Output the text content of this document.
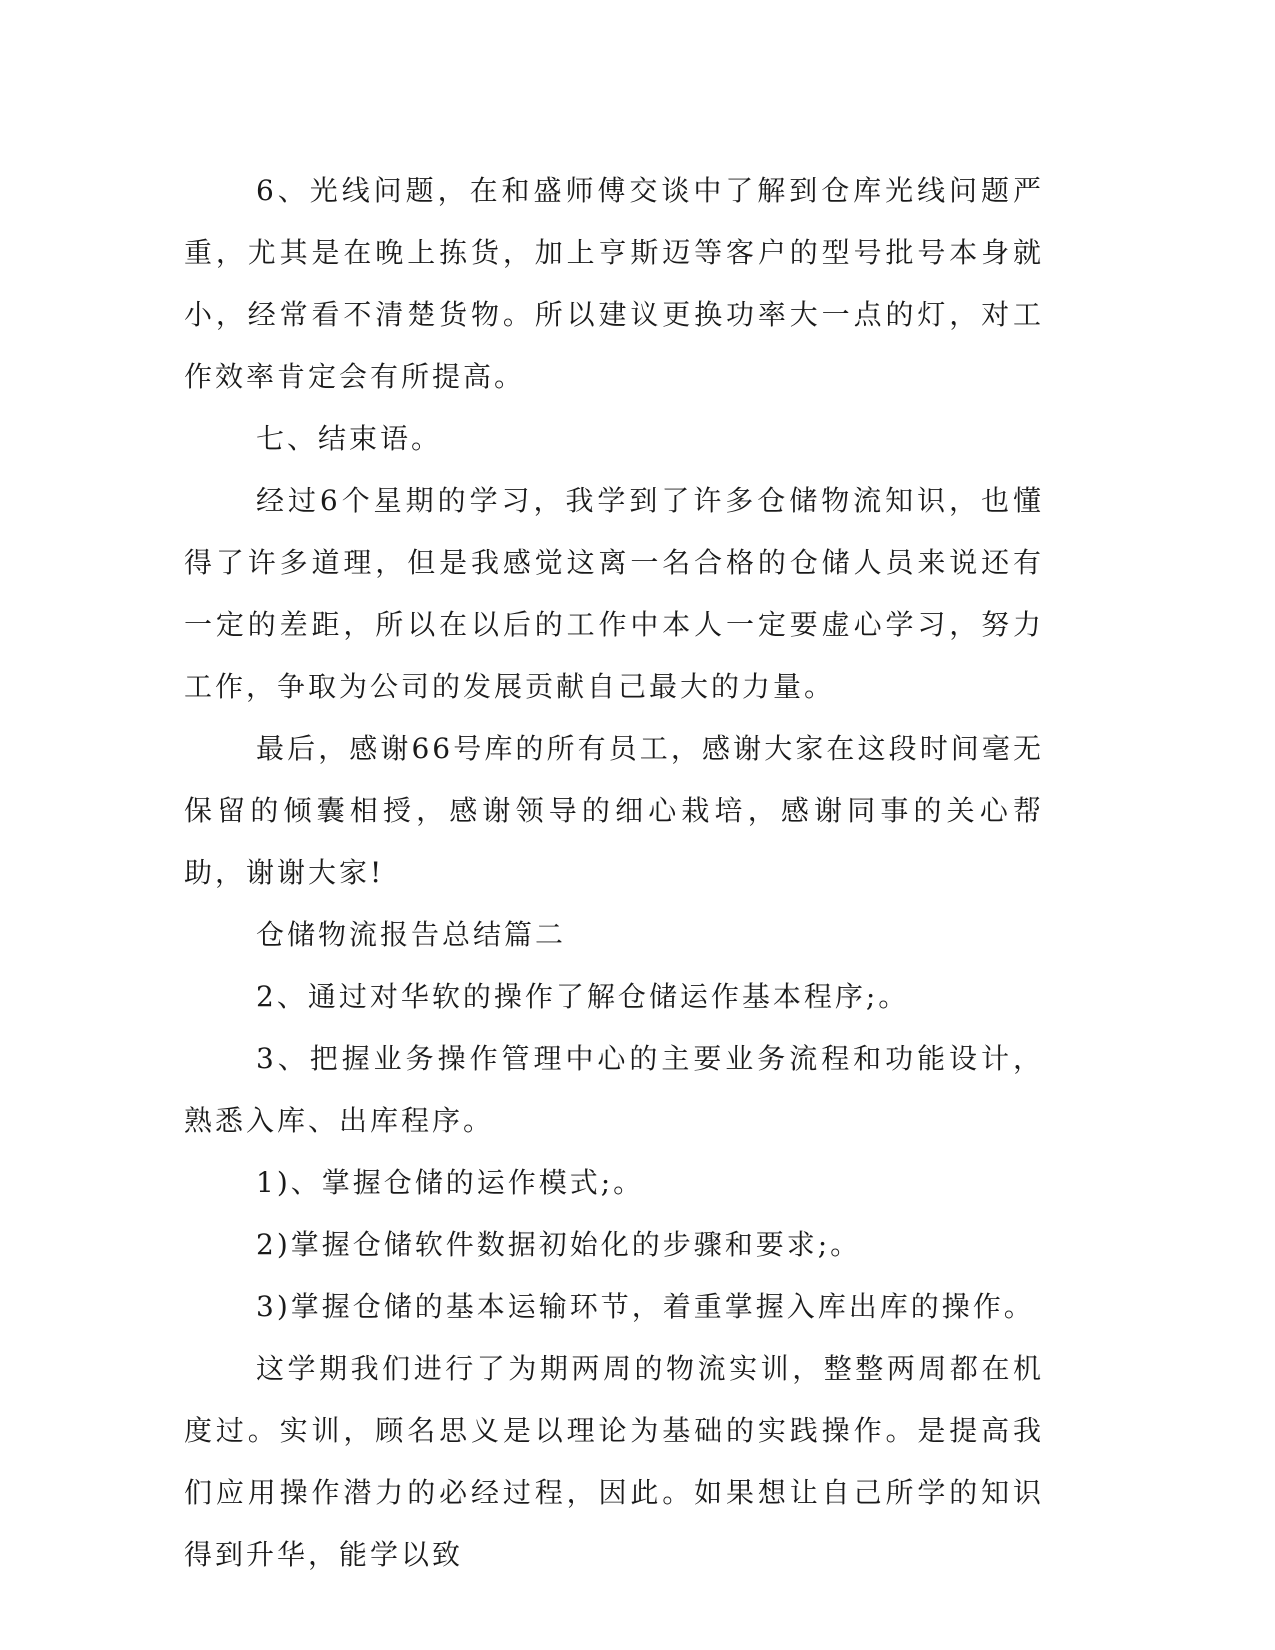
6、光线问题，在和盛师傅交谈中了解到仓库光线问题严重，尤其是在晚上拣货，加上亨斯迈等客户的型号批号本身就小，经常看不清楚货物。所以建议更换功率大一点的灯，对工作效率肯定会有所提高。

七、结束语。

经过6个星期的学习，我学到了许多仓储物流知识，也懂得了许多道理，但是我感觉这离一名合格的仓储人员来说还有一定的差距，所以在以后的工作中本人一定要虚心学习，努力工作，争取为公司的发展贡献自己最大的力量。

最后，感谢66号库的所有员工，感谢大家在这段时间毫无保留的倾囊相授，感谢领导的细心栽培，感谢同事的关心帮助，谢谢大家!

仓储物流报告总结篇二

2、通过对华软的操作了解仓储运作基本程序;。

3、把握业务操作管理中心的主要业务流程和功能设计，熟悉入库、出库程序。

1)、掌握仓储的运作模式;。

2)掌握仓储软件数据初始化的步骤和要求;。

3)掌握仓储的基本运输环节，着重掌握入库出库的操作。

这学期我们进行了为期两周的物流实训，整整两周都在机度过。实训，顾名思义是以理论为基础的实践操作。是提高我们应用操作潜力的必经过程，因此。如果想让自己所学的知识得到升华，能学以致
